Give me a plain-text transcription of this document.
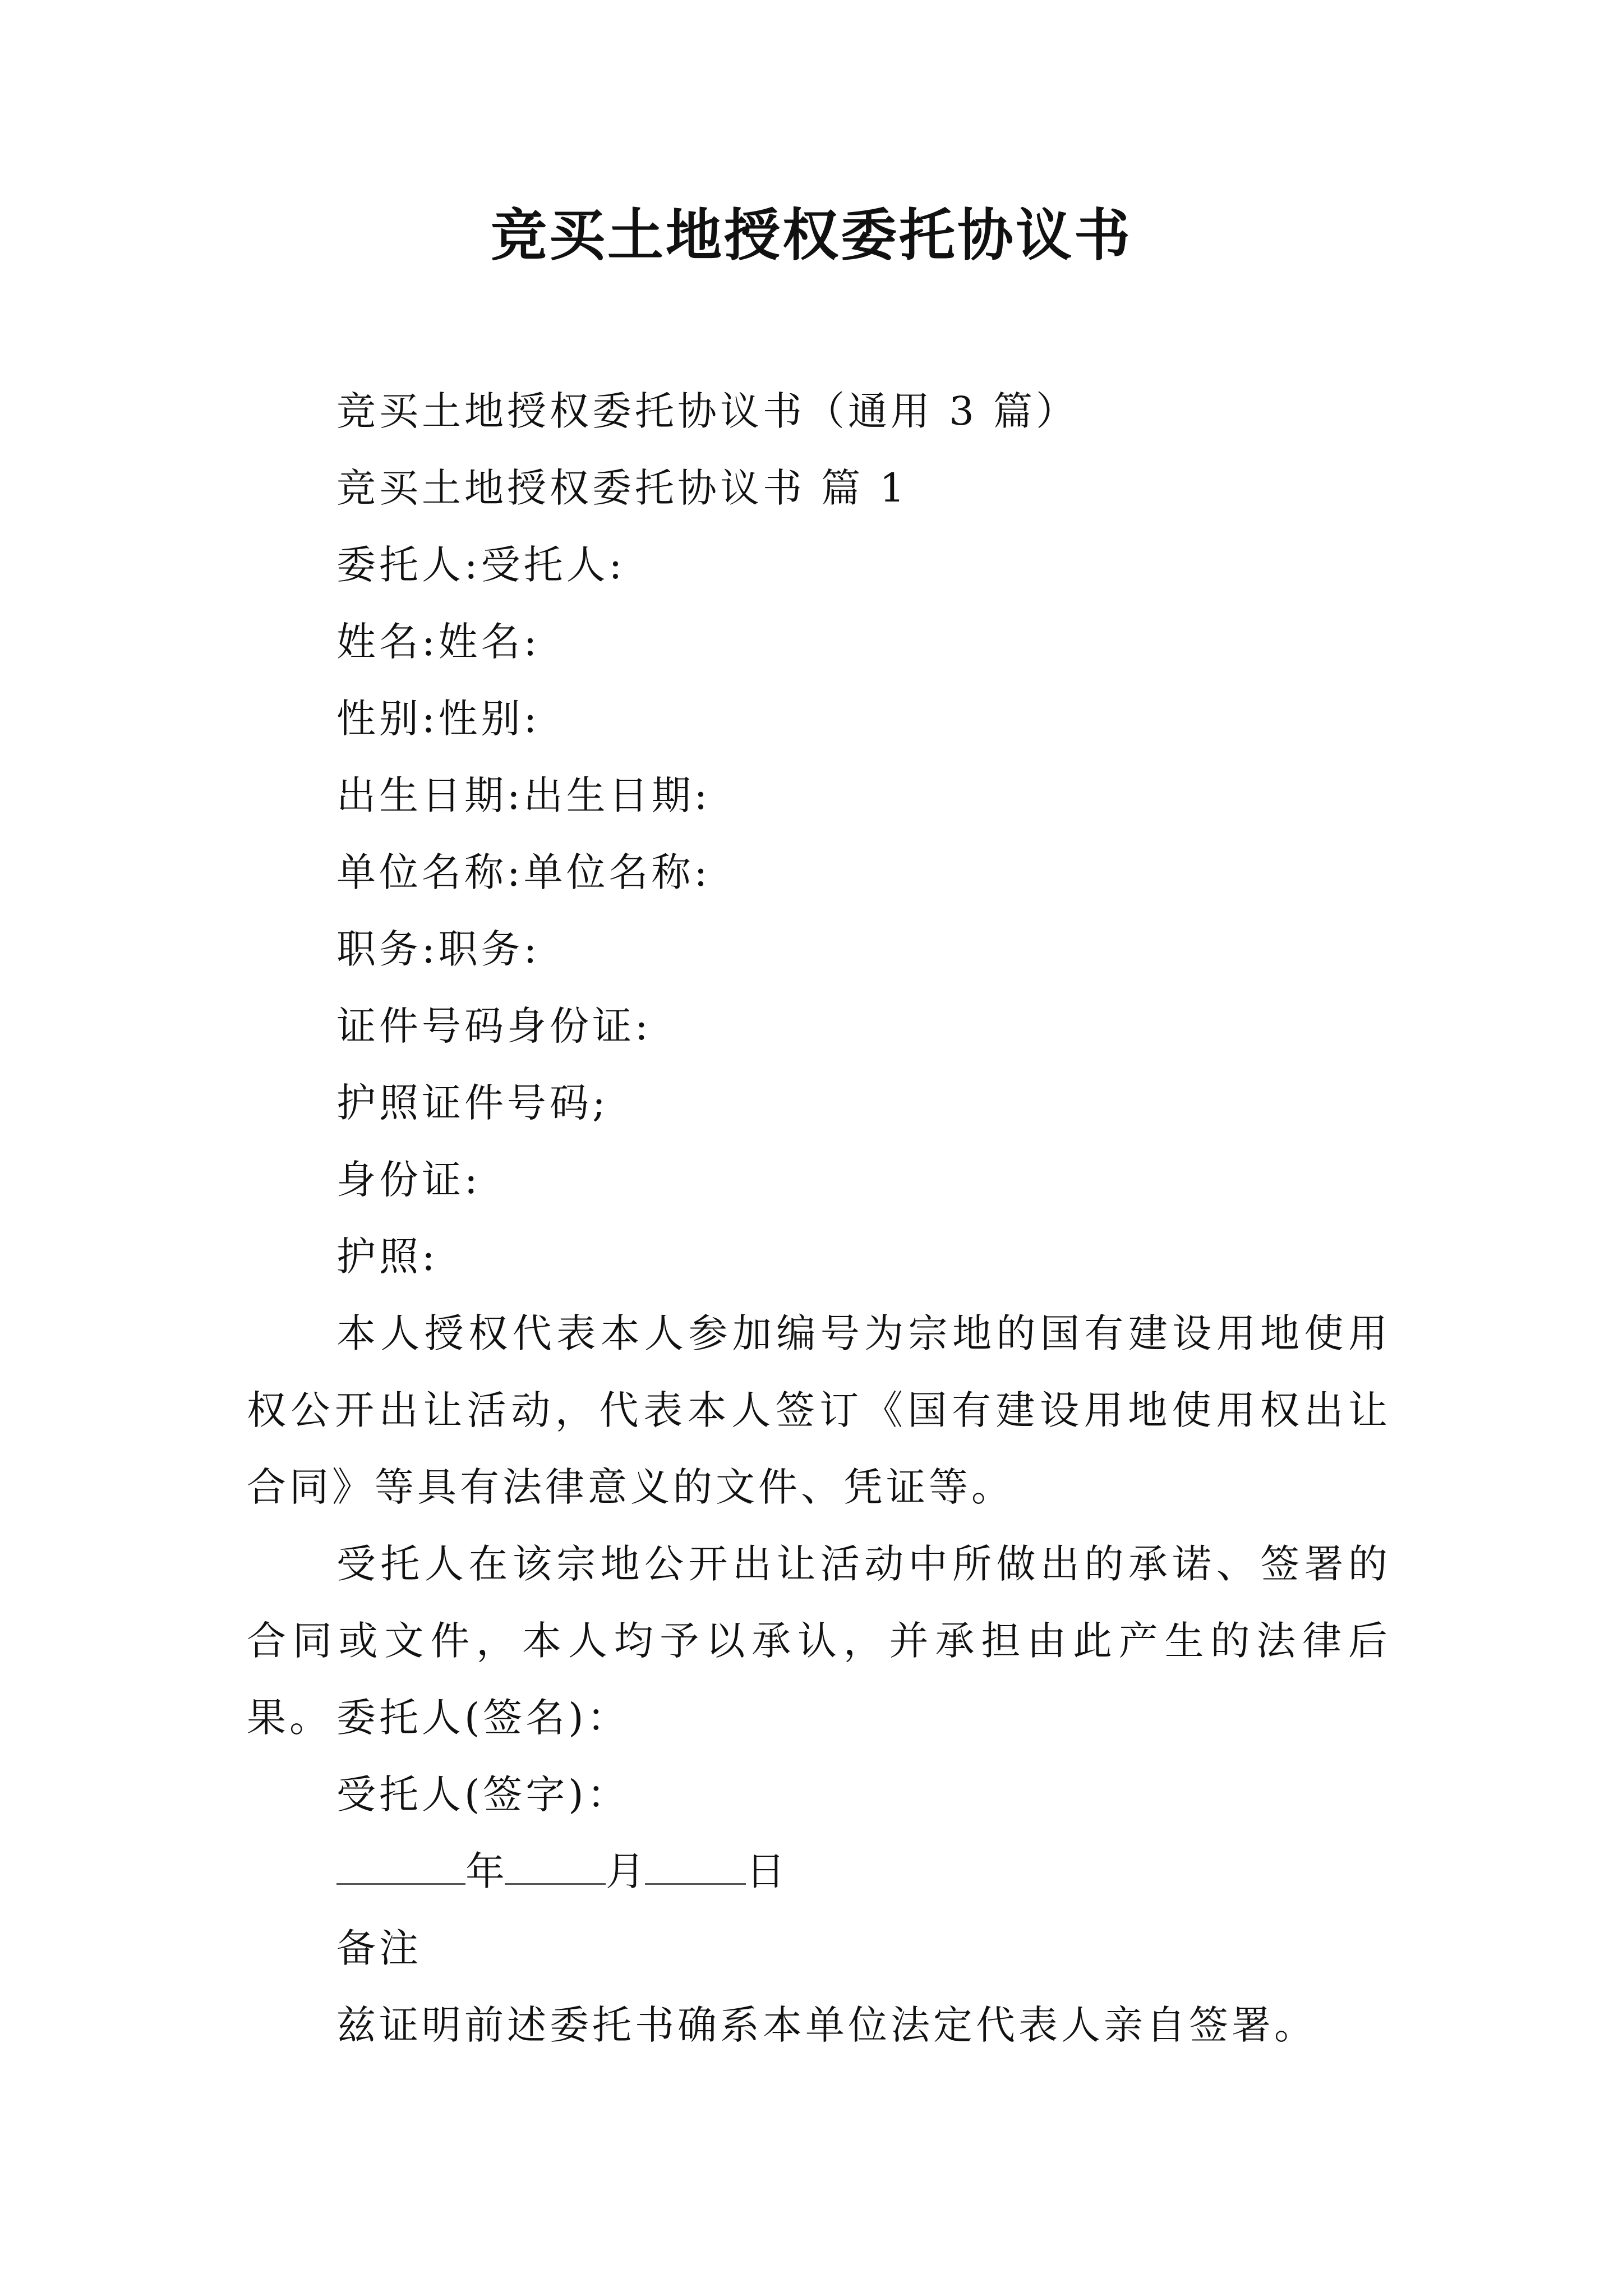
竞买土地授权委托协议书
竞买土地授权委托协议书（通用 3 篇）
竞买土地授权委托协议书 篇 1
委托人:受托人:
姓名:姓名:
性别:性别:
出生日期:出生日期:
单位名称:单位名称:
职务:职务:
证件号码身份证:
护照证件号码;
身份证:
护照:
本人授权代表本人参加编号为宗地的国有建设用地使用权公开出让活动，代表本人签订《国有建设用地使用权出让合同》等具有法律意义的文件、凭证等。
受托人在该宗地公开出让活动中所做出的承诺、签署的合同或文件，本人均予以承认，并承担由此产生的法律后果。 委托人(签名)：
受托人(签字)：
年	月	日
备注
兹证明前述委托书确系本单位法定代表人亲自签署。
